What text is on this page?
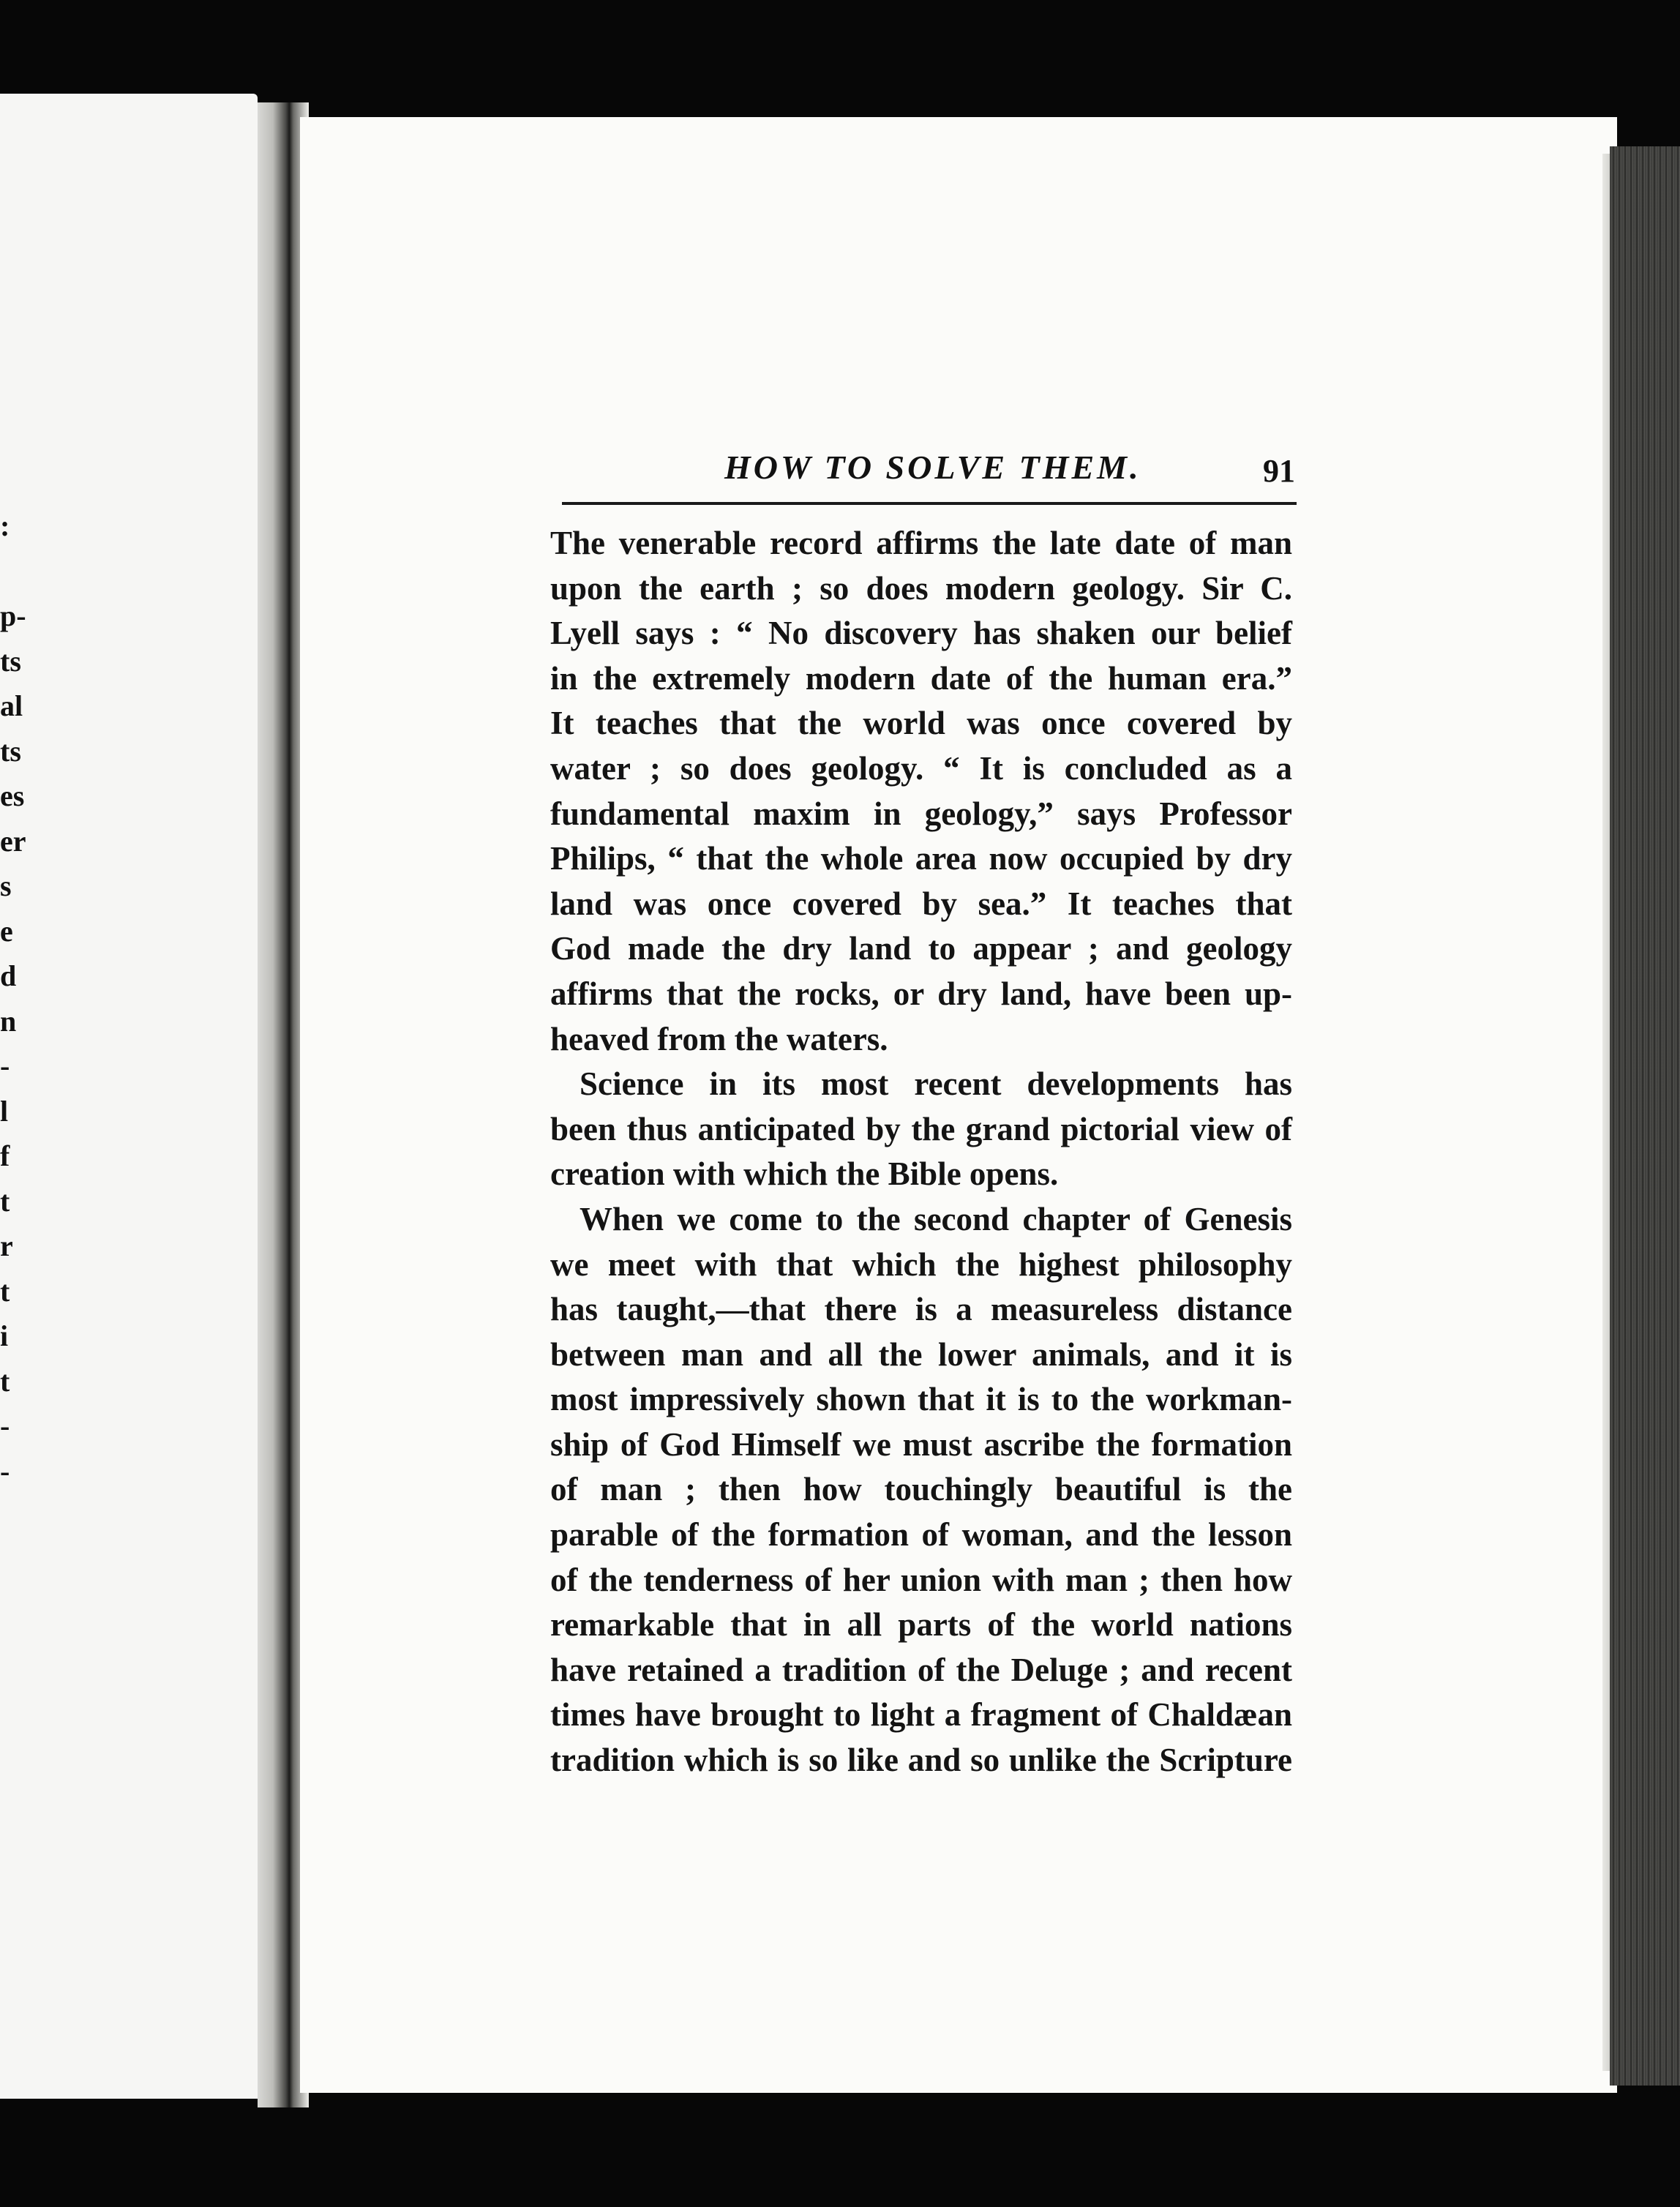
:
p-
ts
al
ts
es
er
s
e
d
n
-
l
f
t
r
t
i
t
-
-
HOW TO SOLVE THEM.	91
The venerable record affirms the late date of man
upon the earth ; so does modern geology. Sir C.
Lyell says : “ No discovery has shaken our belief
in the extremely modern date of the human era.”
It teaches that the world was once covered by
water ; so does geology. “ It is concluded as a
fundamental maxim in geology,” says Professor
Philips, “ that the whole area now occupied by dry
land was once covered by sea.” It teaches that
God made the dry land to appear ; and geology
affirms that the rocks, or dry land, have been up-
heaved from the waters.
Science in its most recent developments has
been thus anticipated by the grand pictorial view of
creation with which the Bible opens.
When we come to the second chapter of Genesis
we meet with that which the highest philosophy
has taught,—that there is a measureless distance
between man and all the lower animals, and it is
most impressively shown that it is to the workman-
ship of God Himself we must ascribe the formation
of man ; then how touchingly beautiful is the
parable of the formation of woman, and the lesson
of the tenderness of her union with man ; then how
remarkable that in all parts of the world nations
have retained a tradition of the Deluge ; and recent
times have brought to light a fragment of Chaldæan
tradition which is so like and so unlike the Scripture
